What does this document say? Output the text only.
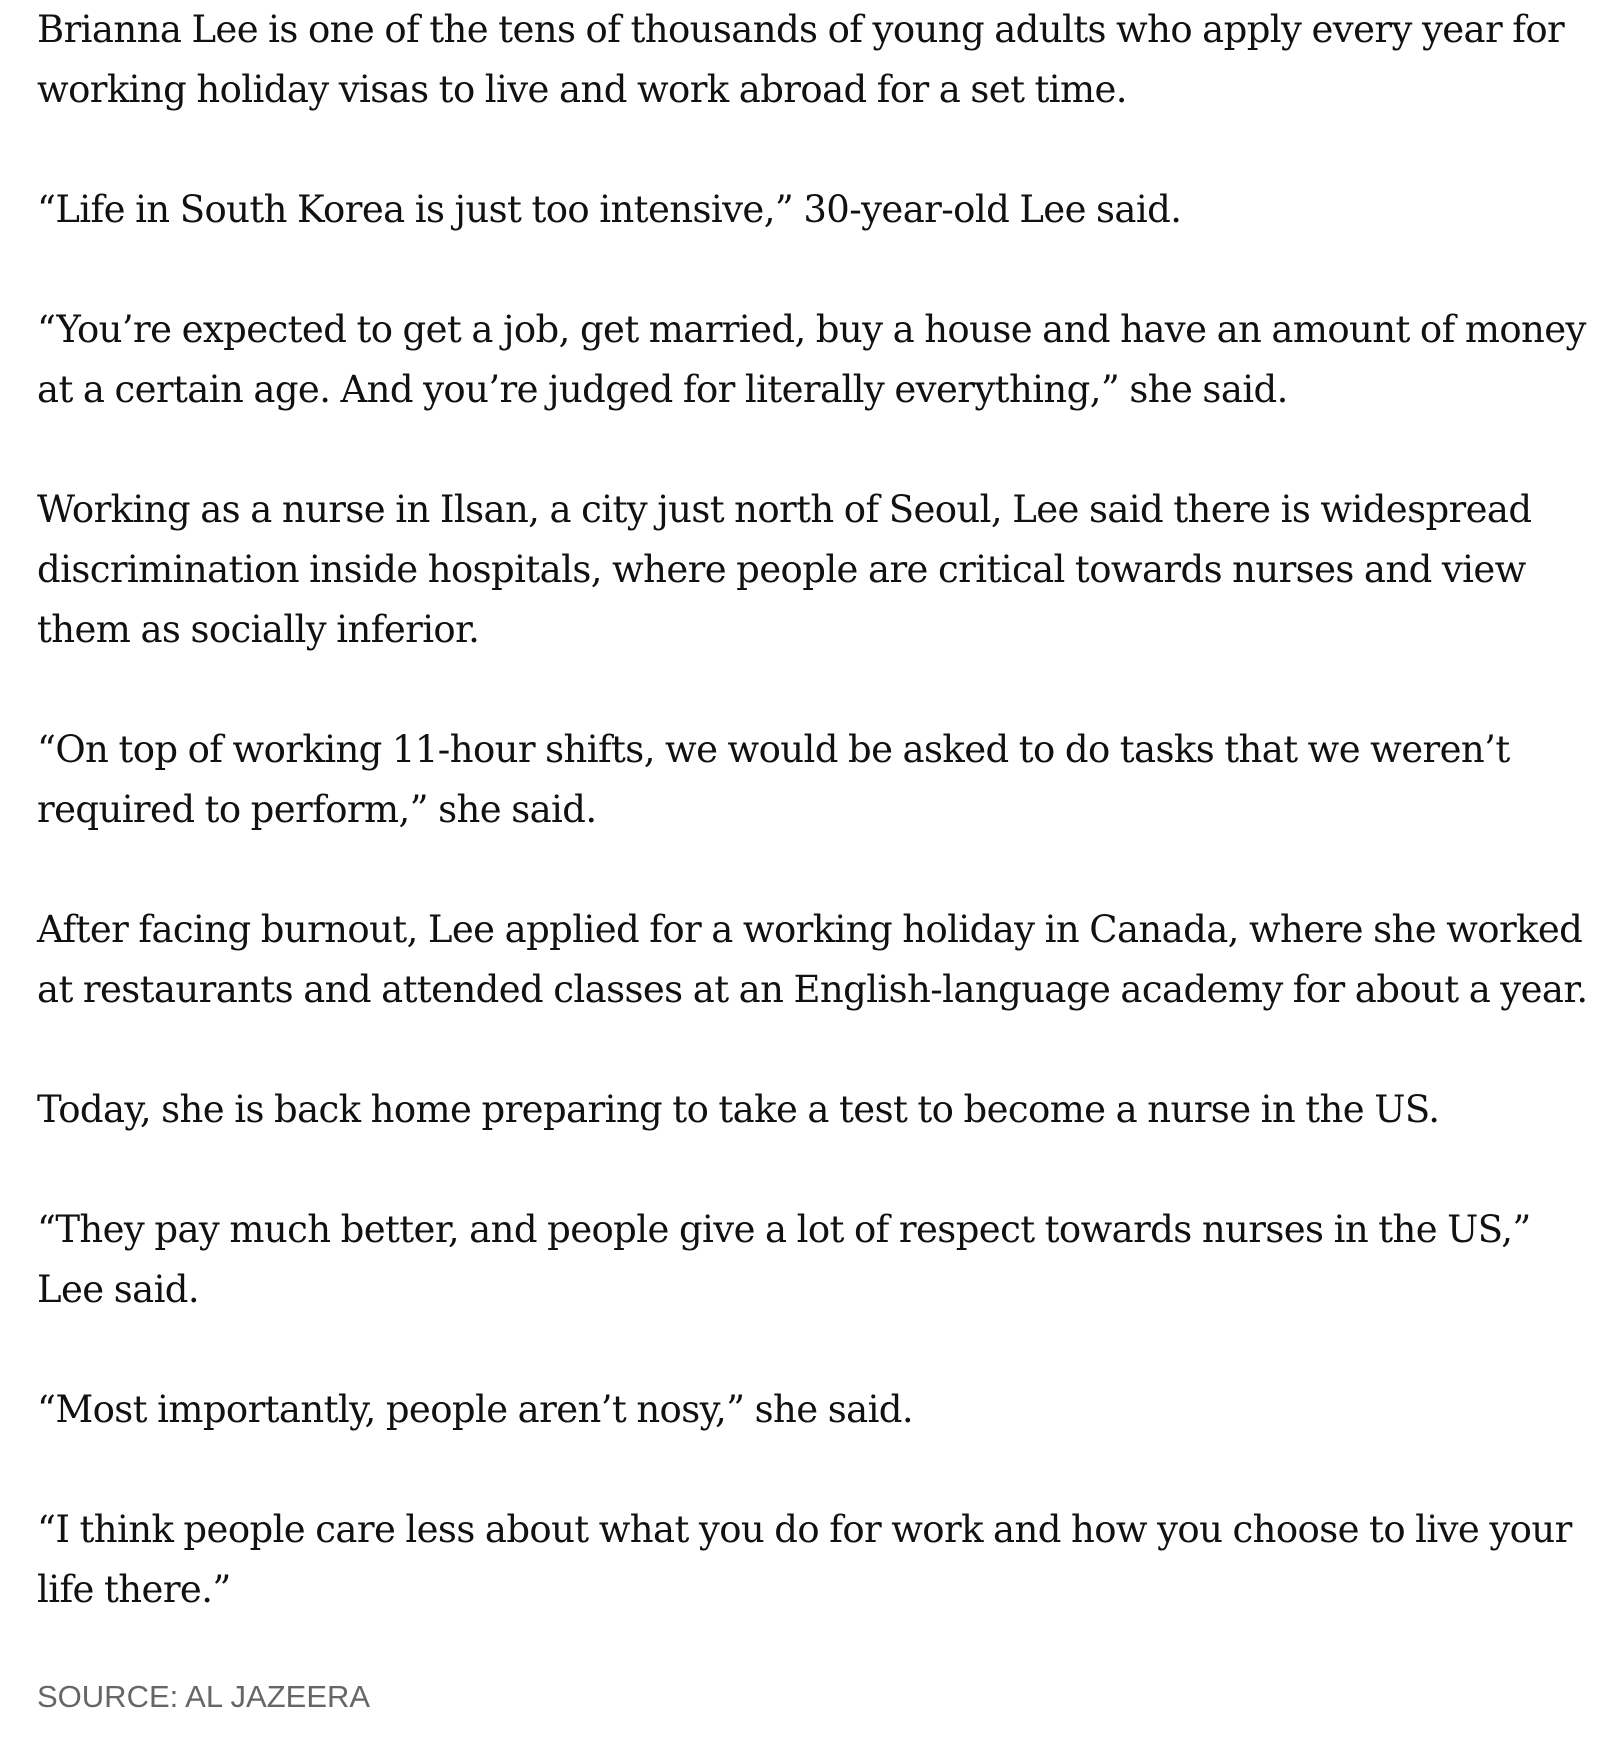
Brianna Lee is one of the tens of thousands of young adults who apply every year for working holiday visas to live and work abroad for a set time.

“Life in South Korea is just too intensive,” 30-year-old Lee said.

“You’re expected to get a job, get married, buy a house and have an amount of money at a certain age. And you’re judged for literally everything,” she said.

Working as a nurse in Ilsan, a city just north of Seoul, Lee said there is widespread discrimination inside hospitals, where people are critical towards nurses and view them as socially inferior.

“On top of working 11-hour shifts, we would be asked to do tasks that we weren’t required to perform,” she said.

After facing burnout, Lee applied for a working holiday in Canada, where she worked at restaurants and attended classes at an English-language academy for about a year.

Today, she is back home preparing to take a test to become a nurse in the US.

“They pay much better, and people give a lot of respect towards nurses in the US,” Lee said.

“Most importantly, people aren’t nosy,” she said.

“I think people care less about what you do for work and how you choose to live your life there.”

SOURCE: AL JAZEERA
